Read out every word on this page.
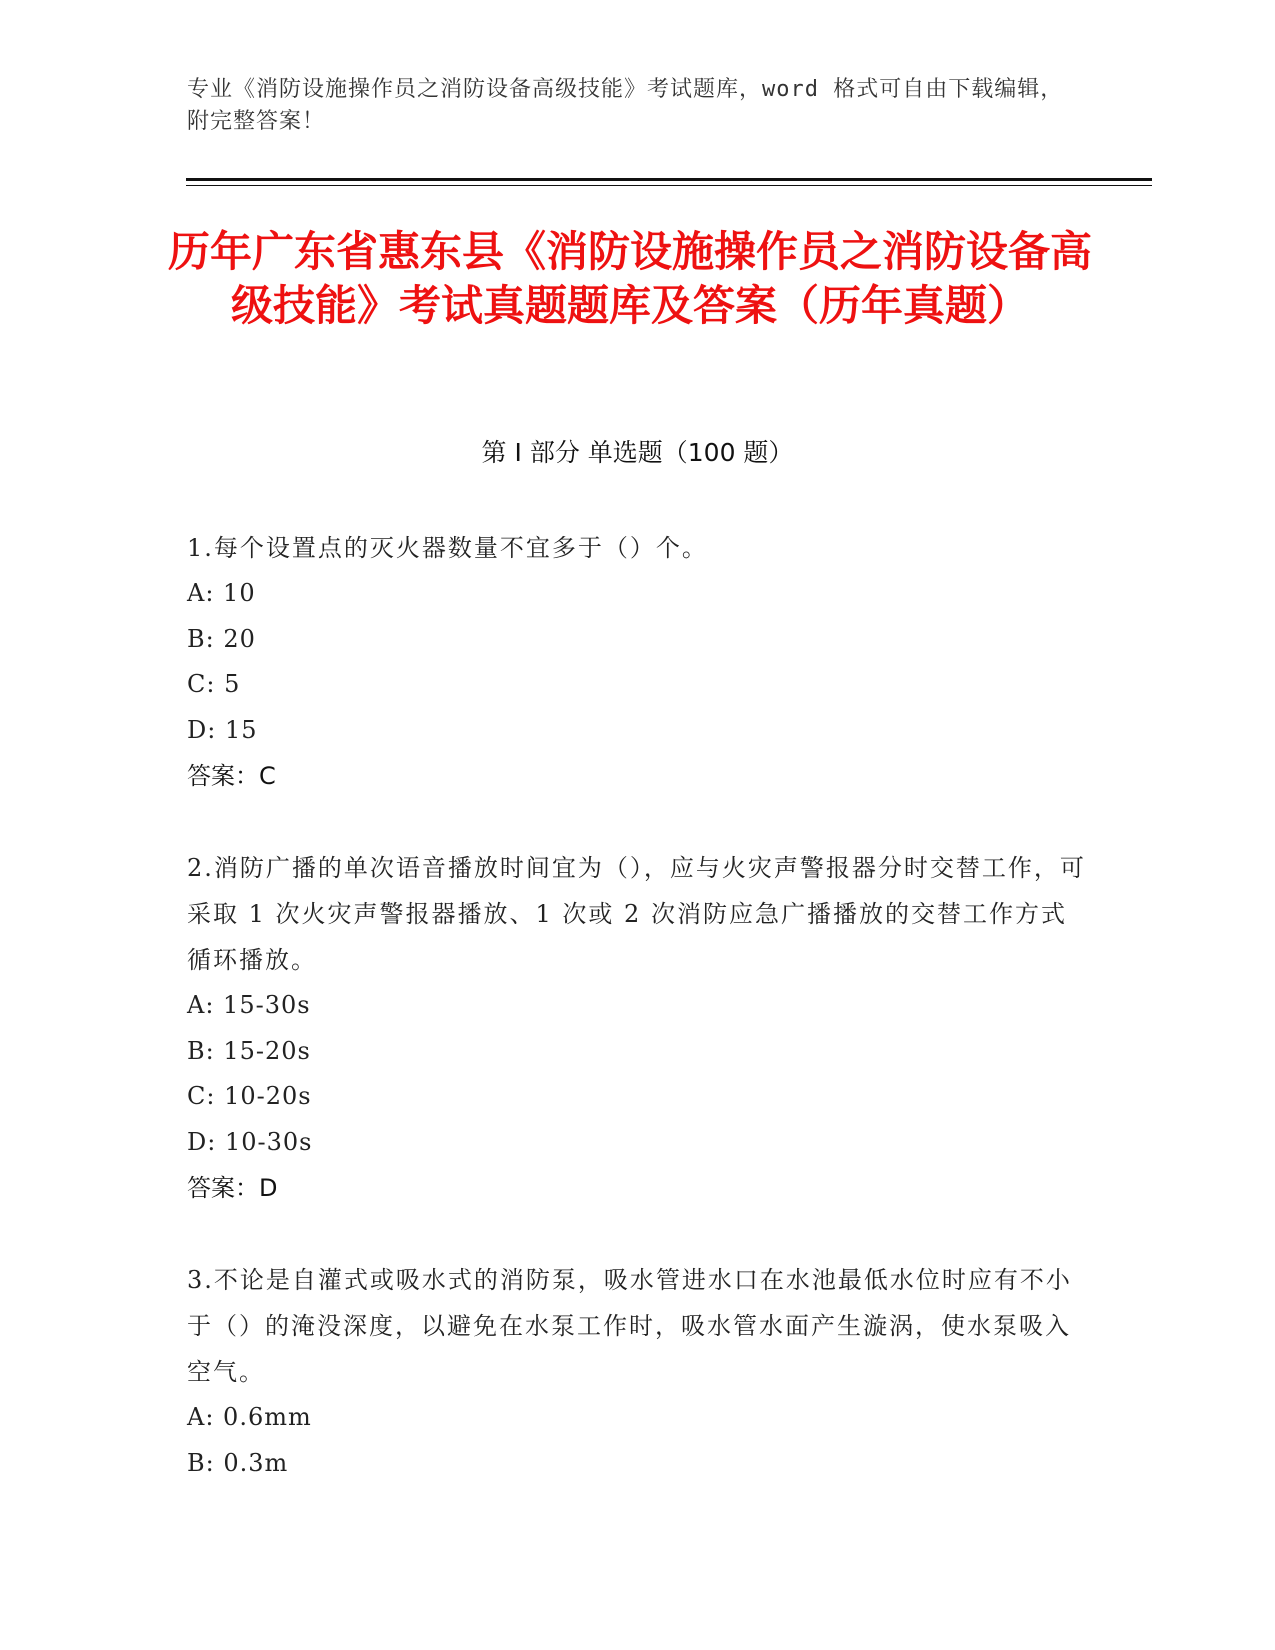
专业《消防设施操作员之消防设备高级技能》考试题库，word 格式可自由下载编辑，附完整答案！
历年广东省惠东县《消防设施操作员之消防设备高级技能》考试真题题库及答案（历年真题）
第 I 部分 单选题（100 题）
1.每个设置点的灭火器数量不宜多于（）个。
A: 10
B: 20
C: 5
D: 15
答案：C
2.消防广播的单次语音播放时间宜为（），应与火灾声警报器分时交替工作，可采取 1 次火灾声警报器播放、1 次或 2 次消防应急广播播放的交替工作方式循环播放。
A: 15-30s
B: 15-20s
C: 10-20s
D: 10-30s
答案：D
3.不论是自灌式或吸水式的消防泵，吸水管进水口在水池最低水位时应有不小于（）的淹没深度，以避免在水泵工作时，吸水管水面产生漩涡，使水泵吸入空气。
A: 0.6mm
B: 0.3m
